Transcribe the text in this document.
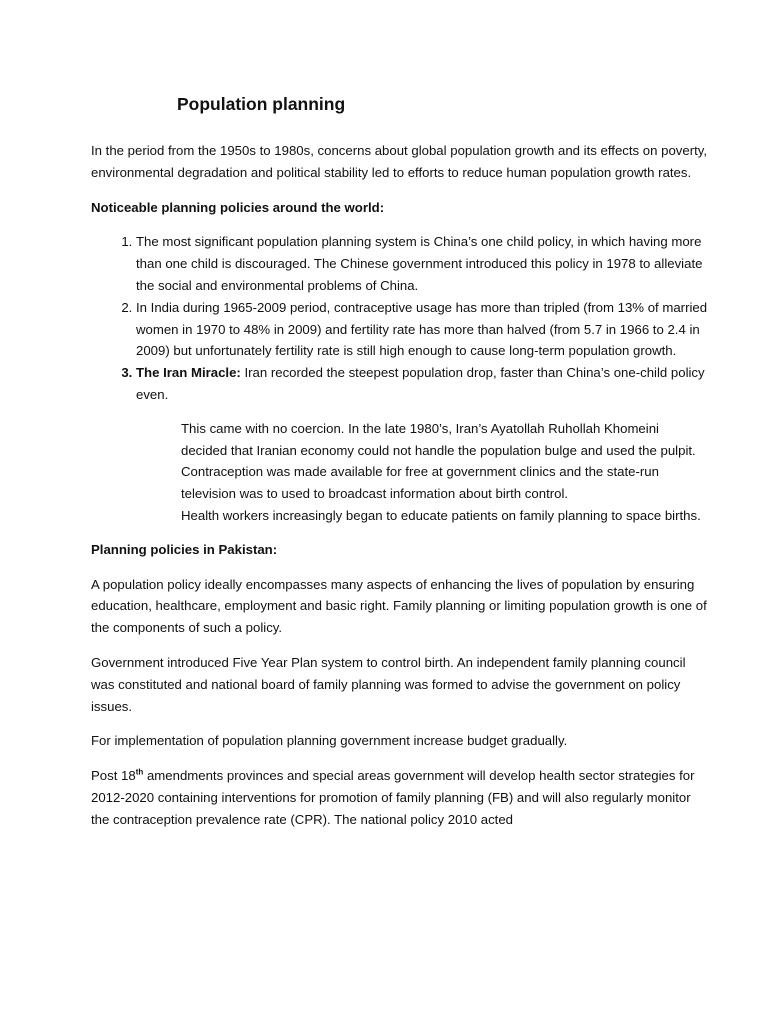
Population planning

In the period from the 1950s to 1980s, concerns about global population growth and its effects on poverty, environmental degradation and political stability led to efforts to reduce human population growth rates.

Noticeable planning policies around the world:

1. The most significant population planning system is China’s one child policy, in which having more than one child is discouraged. The Chinese government introduced this policy in 1978 to alleviate the social and environmental problems of China.
2. In India during 1965-2009 period, contraceptive usage has more than tripled (from 13% of married women in 1970 to 48% in 2009) and fertility rate has more than halved (from 5.7 in 1966 to 2.4 in 2009) but unfortunately fertility rate is still high enough to cause long-term population growth.
3. The Iran Miracle: Iran recorded the steepest population drop, faster than China’s one-child policy even.
This came with no coercion. In the late 1980’s, Iran’s Ayatollah Ruhollah Khomeini decided that Iranian economy could not handle the population bulge and used the pulpit.
Contraception was made available for free at government clinics and the state-run television was to used to broadcast information about birth control.
Health workers increasingly began to educate patients on family planning to space births.

Planning policies in Pakistan:

A population policy ideally encompasses many aspects of enhancing the lives of population by ensuring education, healthcare, employment and basic right. Family planning or limiting population growth is one of the components of such a policy.

Government introduced Five Year Plan system to control birth. An independent family planning council was constituted and national board of family planning was formed to advise the government on policy issues.

For implementation of population planning government increase budget gradually.

Post 18th amendments provinces and special areas government will develop health sector strategies for 2012-2020 containing interventions for promotion of family planning (FB) and will also regularly monitor the contraception prevalence rate (CPR). The national policy 2010 acted
